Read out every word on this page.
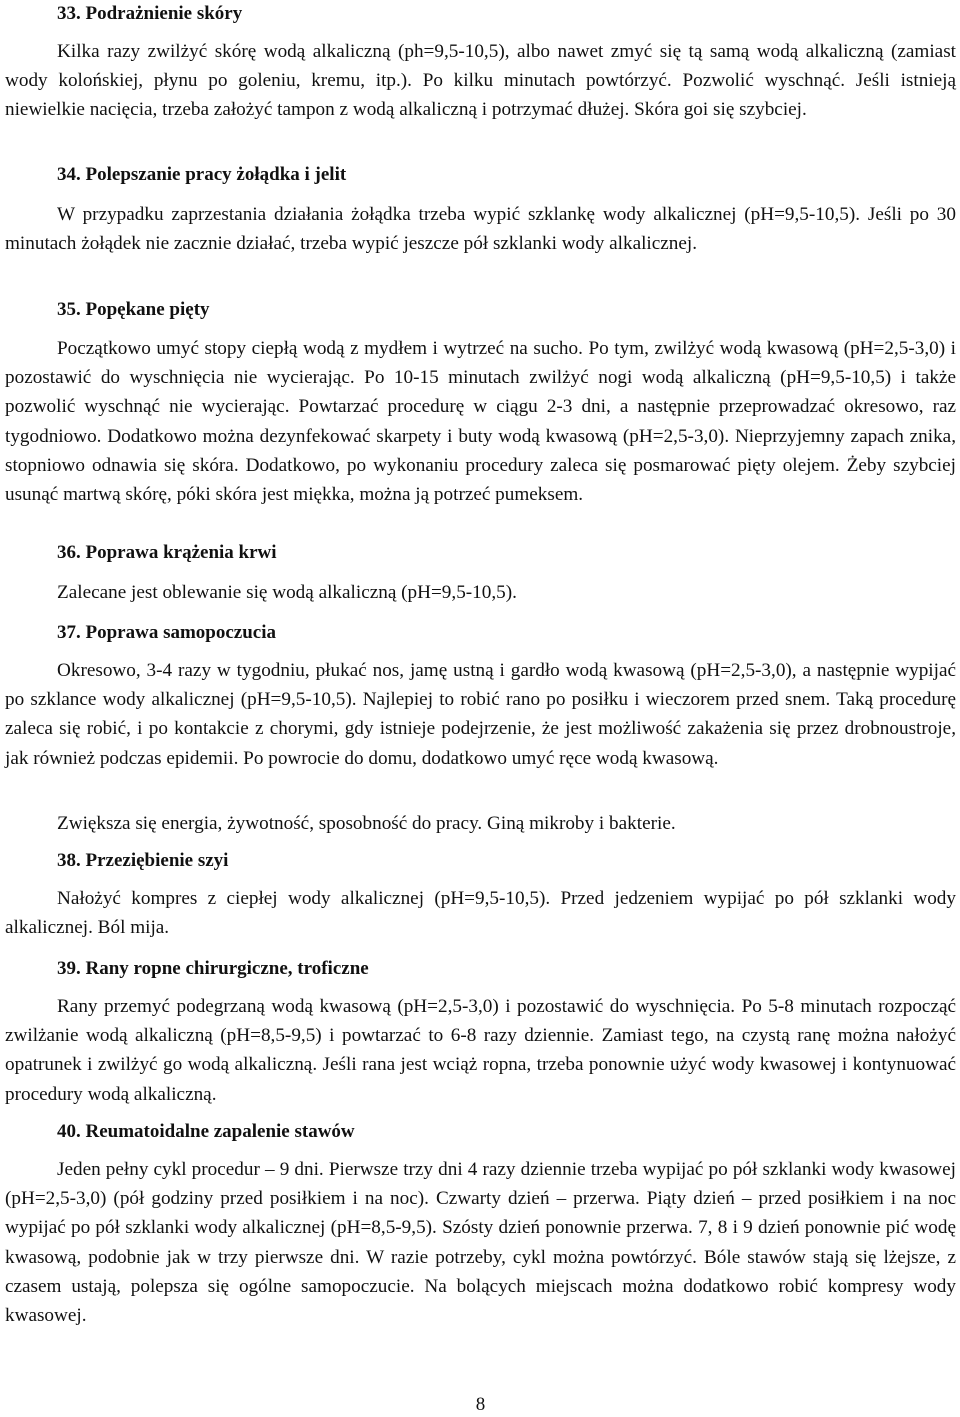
33. Podrażnienie skóry

Kilka razy zwilżyć skórę wodą alkaliczną (ph=9,5-10,5), albo nawet zmyć się tą samą wodą alkaliczną (zamiast wody kolońskiej, płynu po goleniu, kremu, itp.). Po kilku minutach powtórzyć. Pozwolić wyschnąć. Jeśli istnieją niewielkie nacięcia, trzeba założyć tampon z wodą alkaliczną i potrzymać dłużej. Skóra goi się szybciej.

34. Polepszanie pracy żołądka i jelit

W przypadku zaprzestania działania żołądka trzeba wypić szklankę wody alkalicznej (pH=9,5-10,5). Jeśli po 30 minutach żołądek nie zacznie działać, trzeba wypić jeszcze pół szklanki wody alkalicznej.

35. Popękane pięty

Początkowo umyć stopy ciepłą wodą z mydłem i wytrzeć na sucho. Po tym, zwilżyć wodą kwasową (pH=2,5-3,0) i pozostawić do wyschnięcia nie wycierając. Po 10-15 minutach zwilżyć nogi wodą alkaliczną (pH=9,5-10,5) i także pozwolić wyschnąć nie wycierając. Powtarzać procedurę w ciągu 2-3 dni, a następnie przeprowadzać okresowo, raz tygodniowo. Dodatkowo można dezynfekować skarpety i buty wodą kwasową (pH=2,5-3,0). Nieprzyjemny zapach znika, stopniowo odnawia się skóra. Dodatkowo, po wykonaniu procedury zaleca się posmarować pięty olejem. Żeby szybciej usunąć martwą skórę, póki skóra jest miękka, można ją potrzeć pumeksem.

36. Poprawa krążenia krwi

Zalecane jest oblewanie się wodą alkaliczną (pH=9,5-10,5).

37. Poprawa samopoczucia

Okresowo, 3-4 razy w tygodniu, płukać nos, jamę ustną i gardło wodą kwasową (pH=2,5-3,0), a następnie wypijać po szklance wody alkalicznej (pH=9,5-10,5). Najlepiej to robić rano po posiłku i wieczorem przed snem. Taką procedurę zaleca się robić, i po kontakcie z chorymi, gdy istnieje podejrzenie, że jest możliwość zakażenia się przez drobnoustroje, jak również podczas epidemii. Po powrocie do domu, dodatkowo umyć ręce wodą kwasową.

Zwiększa się energia, żywotność, sposobność do pracy. Giną mikroby i bakterie.

38. Przeziębienie szyi

Nałożyć kompres z ciepłej wody alkalicznej (pH=9,5-10,5). Przed jedzeniem wypijać po pół szklanki wody alkalicznej. Ból mija.

39. Rany ropne chirurgiczne, troficzne

Rany przemyć podegrzaną wodą kwasową (pH=2,5-3,0) i pozostawić do wyschnięcia. Po 5-8 minutach rozpocząć zwilżanie wodą alkaliczną (pH=8,5-9,5) i powtarzać to 6-8 razy dziennie. Zamiast tego, na czystą ranę można nałożyć opatrunek i zwilżyć go wodą alkaliczną. Jeśli rana jest wciąż ropna, trzeba ponownie użyć wody kwasowej i kontynuować procedury wodą alkaliczną.

40. Reumatoidalne zapalenie stawów

Jeden pełny cykl procedur – 9 dni. Pierwsze trzy dni 4 razy dziennie trzeba wypijać po pół szklanki wody kwasowej (pH=2,5-3,0) (pół godziny przed posiłkiem i na noc). Czwarty dzień – przerwa. Piąty dzień – przed posiłkiem i na noc wypijać po pół szklanki wody alkalicznej (pH=8,5-9,5). Szósty dzień ponownie przerwa. 7, 8 i 9 dzień ponownie pić wodę kwasową, podobnie jak w trzy pierwsze dni. W razie potrzeby, cykl można powtórzyć. Bóle stawów stają się lżejsze, z czasem ustają, polepsza się ogólne samopoczucie. Na bolących miejscach można dodatkowo robić kompresy wody kwasowej.

8
